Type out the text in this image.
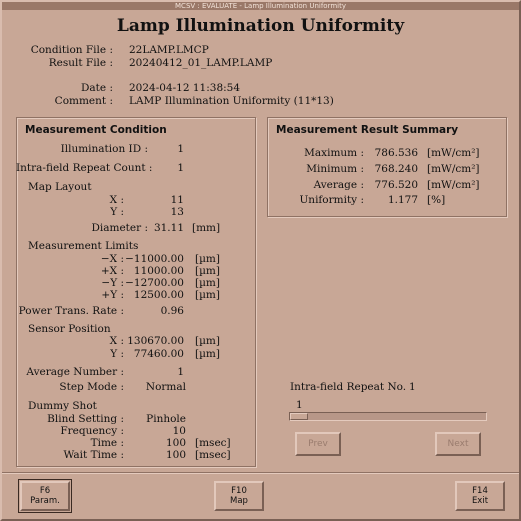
MCSV : EVALUATE - Lamp Illumination Uniformity
Lamp Illumination Uniformity
Condition File : 22LAMP.LMCP
Result File : 20240412_01_LAMP.LAMP
Date : 2024-04-12 11:38:54
Comment : LAMP Illumination Uniformity (11*13)
Measurement Condition
Illumination ID :	1
Intra-field Repeat Count :	1
Map Layout
X :	11
Y :	13
Diameter : 31.11 [mm]
Measurement Limits
−X : −11000.00 [µm]
+X : 11000.00 [µm]
−Y : −12700.00 [µm]
+Y : 12500.00 [µm]
Power Trans. Rate :	0.96
Sensor Position
X : 130670.00 [µm]
Y : 77460.00 [µm]
Average Number :	1
Step Mode :	Normal
Dummy Shot
Blind Setting :	Pinhole
Frequency :	10
Time :	100 [msec]
Wait Time :	100 [msec]
Measurement Result Summary
Maximum :	786.536 [mW/cm²]
Minimum :	768.240 [mW/cm²]
Average :	776.520 [mW/cm²]
Uniformity :	1.177 [%]
Intra-field Repeat No. 1
1
Prev	Next
F6
Param.
F10
Map
F14
Exit
